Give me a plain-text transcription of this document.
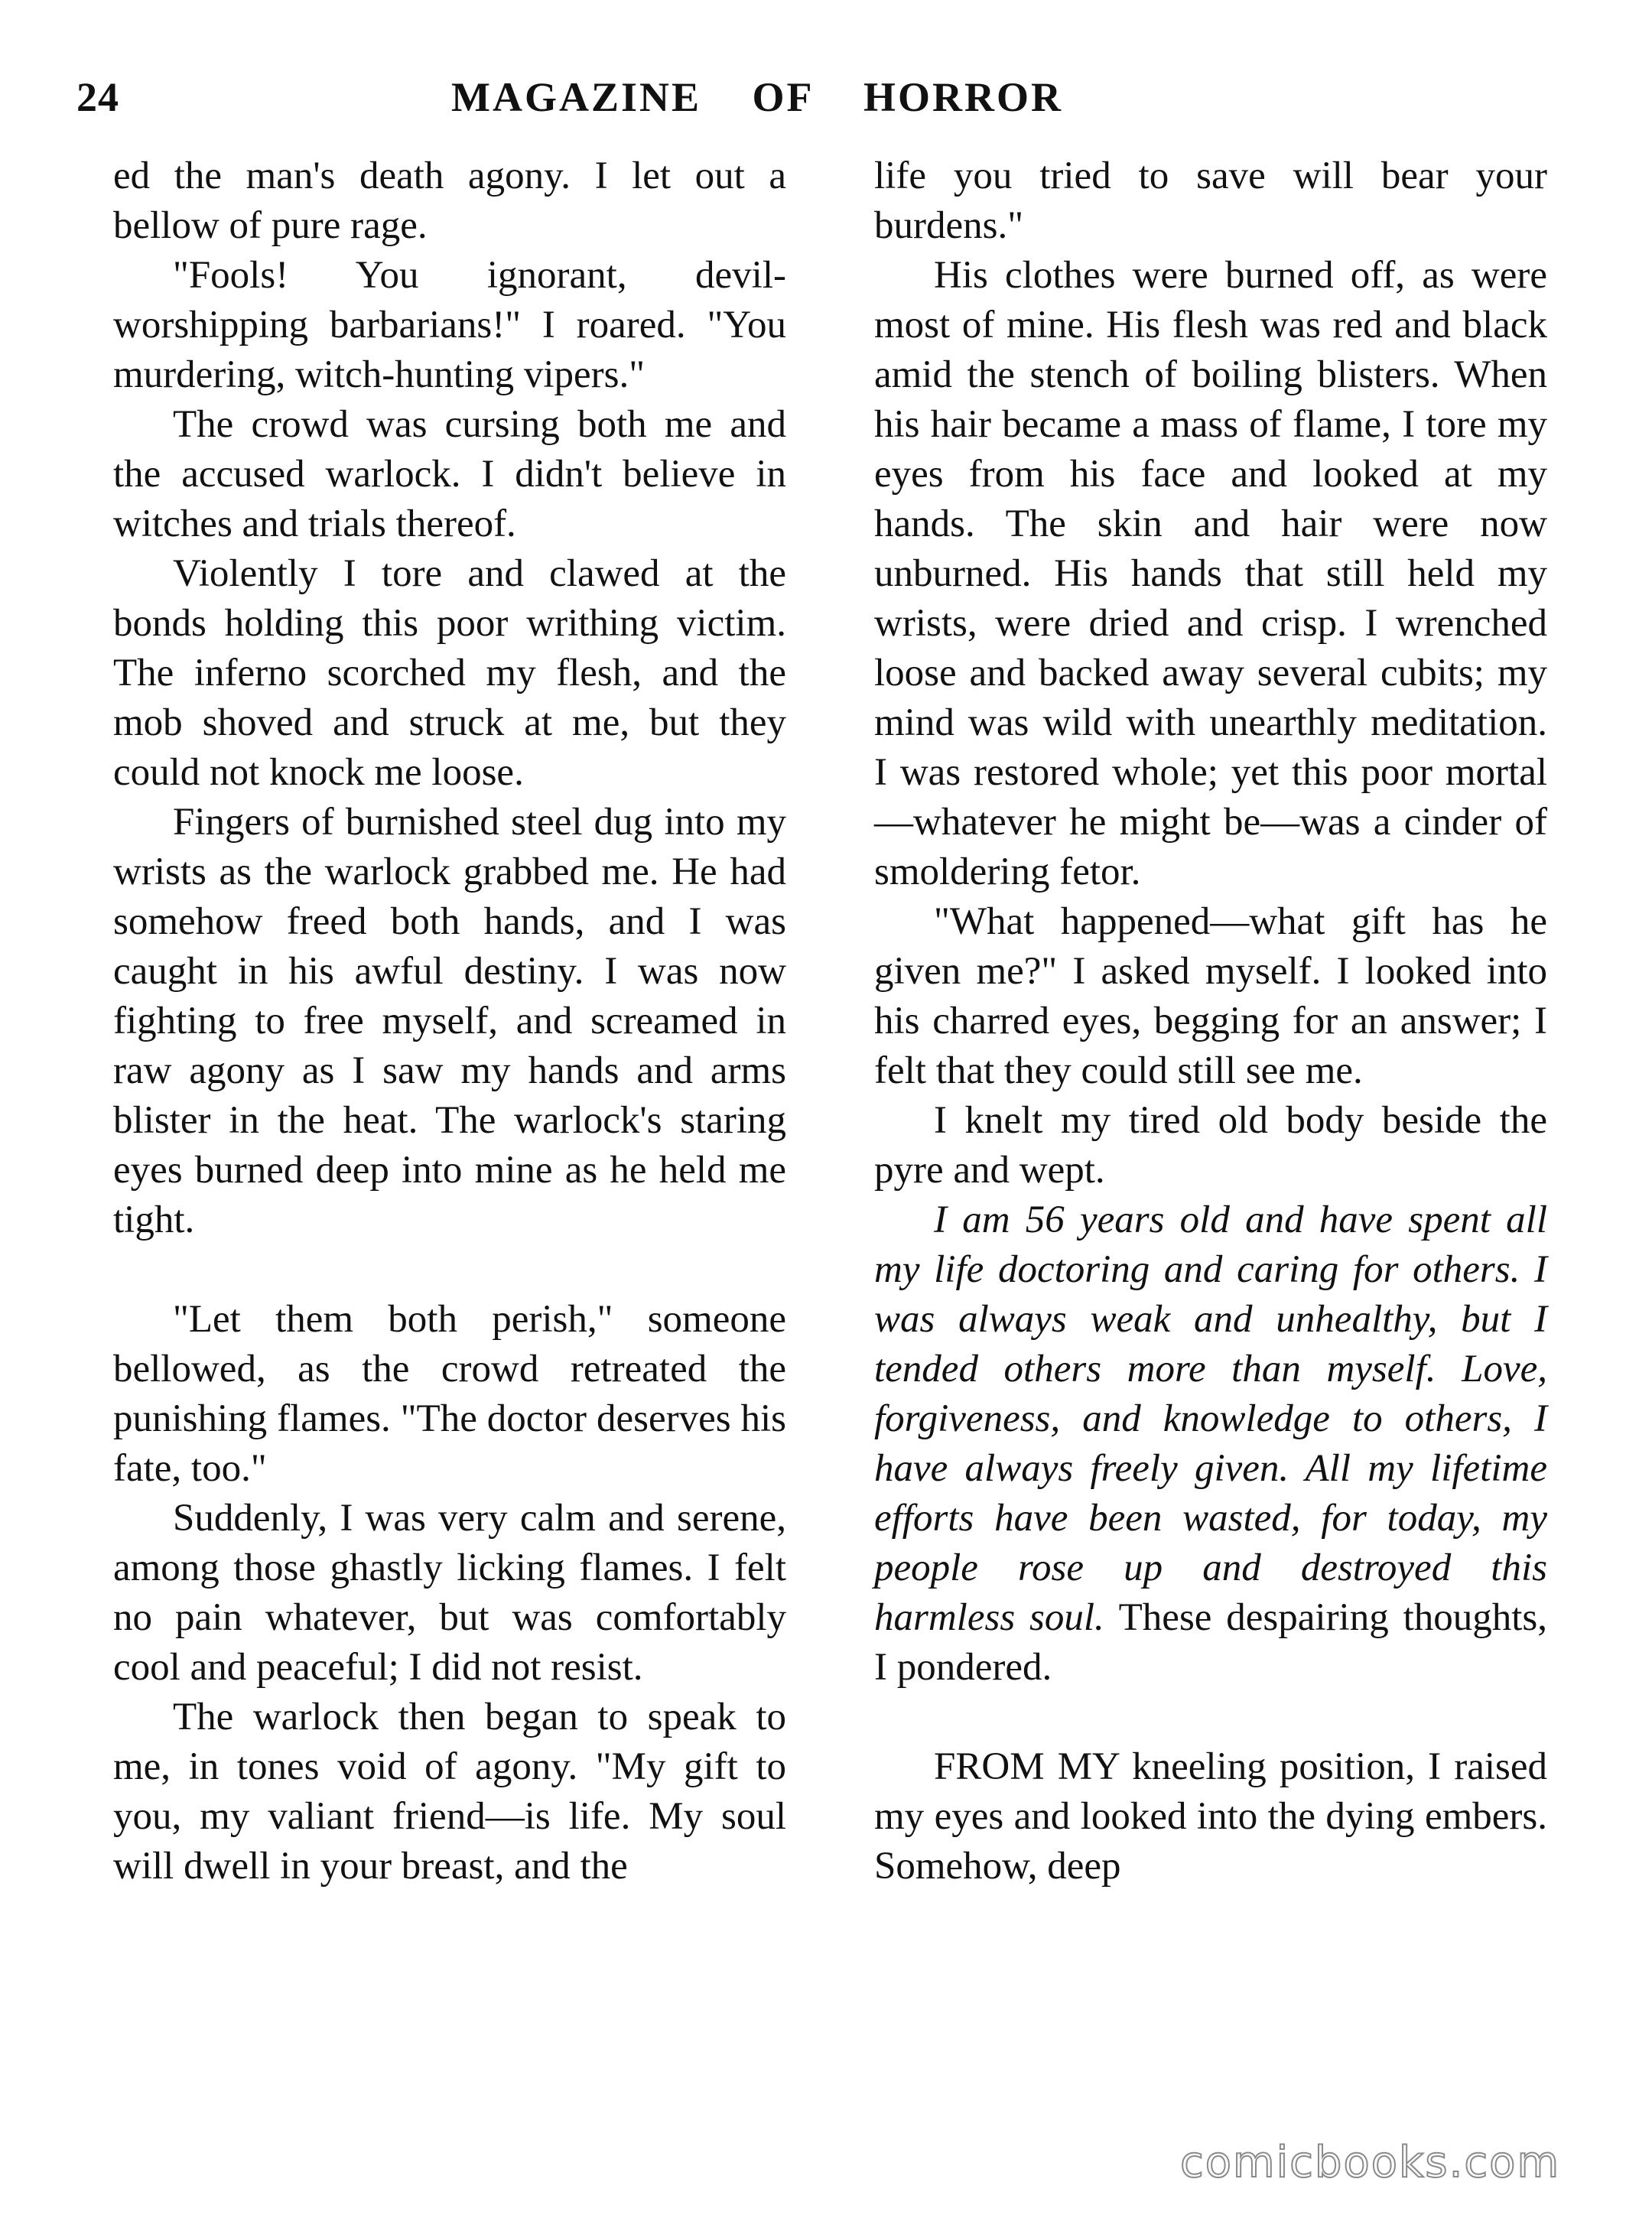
24	MAGAZINE OF HORROR

ed the man's death agony. I let out a bellow of pure rage.

"Fools! You ignorant, devil-worshipping barbarians!" I roared. "You murdering, witch-hunting vipers."

The crowd was cursing both me and the accused warlock. I didn't believe in witches and trials thereof.

Violently I tore and clawed at the bonds holding this poor writhing victim. The inferno scorched my flesh, and the mob shoved and struck at me, but they could not knock me loose.

Fingers of burnished steel dug into my wrists as the warlock grabbed me. He had somehow freed both hands, and I was caught in his awful destiny. I was now fighting to free myself, and screamed in raw agony as I saw my hands and arms blister in the heat. The warlock's staring eyes burned deep into mine as he held me tight.

"Let them both perish," someone bellowed, as the crowd retreated the punishing flames. "The doctor deserves his fate, too."

Suddenly, I was very calm and serene, among those ghastly licking flames. I felt no pain whatever, but was comfortably cool and peaceful; I did not resist.

The warlock then began to speak to me, in tones void of agony. "My gift to you, my valiant friend—is life. My soul will dwell in your breast, and the

life you tried to save will bear your burdens."

His clothes were burned off, as were most of mine. His flesh was red and black amid the stench of boiling blisters. When his hair became a mass of flame, I tore my eyes from his face and looked at my hands. The skin and hair were now unburned. His hands that still held my wrists, were dried and crisp. I wrenched loose and backed away several cubits; my mind was wild with unearthly meditation. I was restored whole; yet this poor mortal—whatever he might be—was a cinder of smoldering fetor.

"What happened—what gift has he given me?" I asked myself. I looked into his charred eyes, begging for an answer; I felt that they could still see me.

I knelt my tired old body beside the pyre and wept.

I am 56 years old and have spent all my life doctoring and caring for others. I was always weak and unhealthy, but I tended others more than myself. Love, forgiveness, and knowledge to others, I have always freely given. All my lifetime efforts have been wasted, for today, my people rose up and destroyed this harmless soul. These despairing thoughts, I pondered.

FROM MY kneeling position, I raised my eyes and looked into the dying embers. Somehow, deep

comicbooks.com
